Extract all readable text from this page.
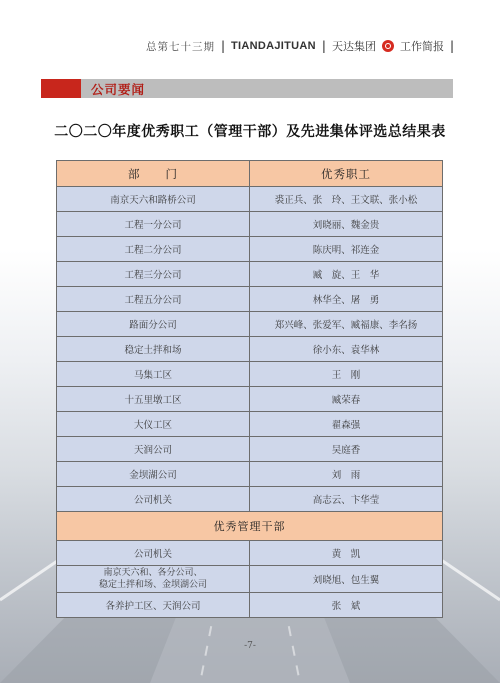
总第七十三期 | TIANDAJITUAN | 天达集团 工作简报 |
公司要闻
二〇二〇年度优秀职工（管理干部）及先进集体评选总结果表
部　　门	优秀职工
南京天六和路桥公司	裘正兵、张　玲、王文联、张小松
工程一分公司	刘晓丽、魏金贵
工程二分公司	陈庆明、祁连金
工程三分公司	臧　旋、王　华
工程五分公司	林华全、屠　勇
路面分公司	郑兴峰、张爱军、臧福康、李名扬
稳定土拌和场	徐小东、袁华林
马集工区	王　刚
十五里墩工区	臧荣春
大仪工区	翟森强
天润公司	吴庭香
金坝湖公司	刘　雨
公司机关	高志云、卞华莹
优秀管理干部	
公司机关	黄　凯
南京天六和、各分公司、
稳定土拌和场、金坝湖公司	刘晓旭、包生翼
各养护工区、天润公司	张　斌
-7-
